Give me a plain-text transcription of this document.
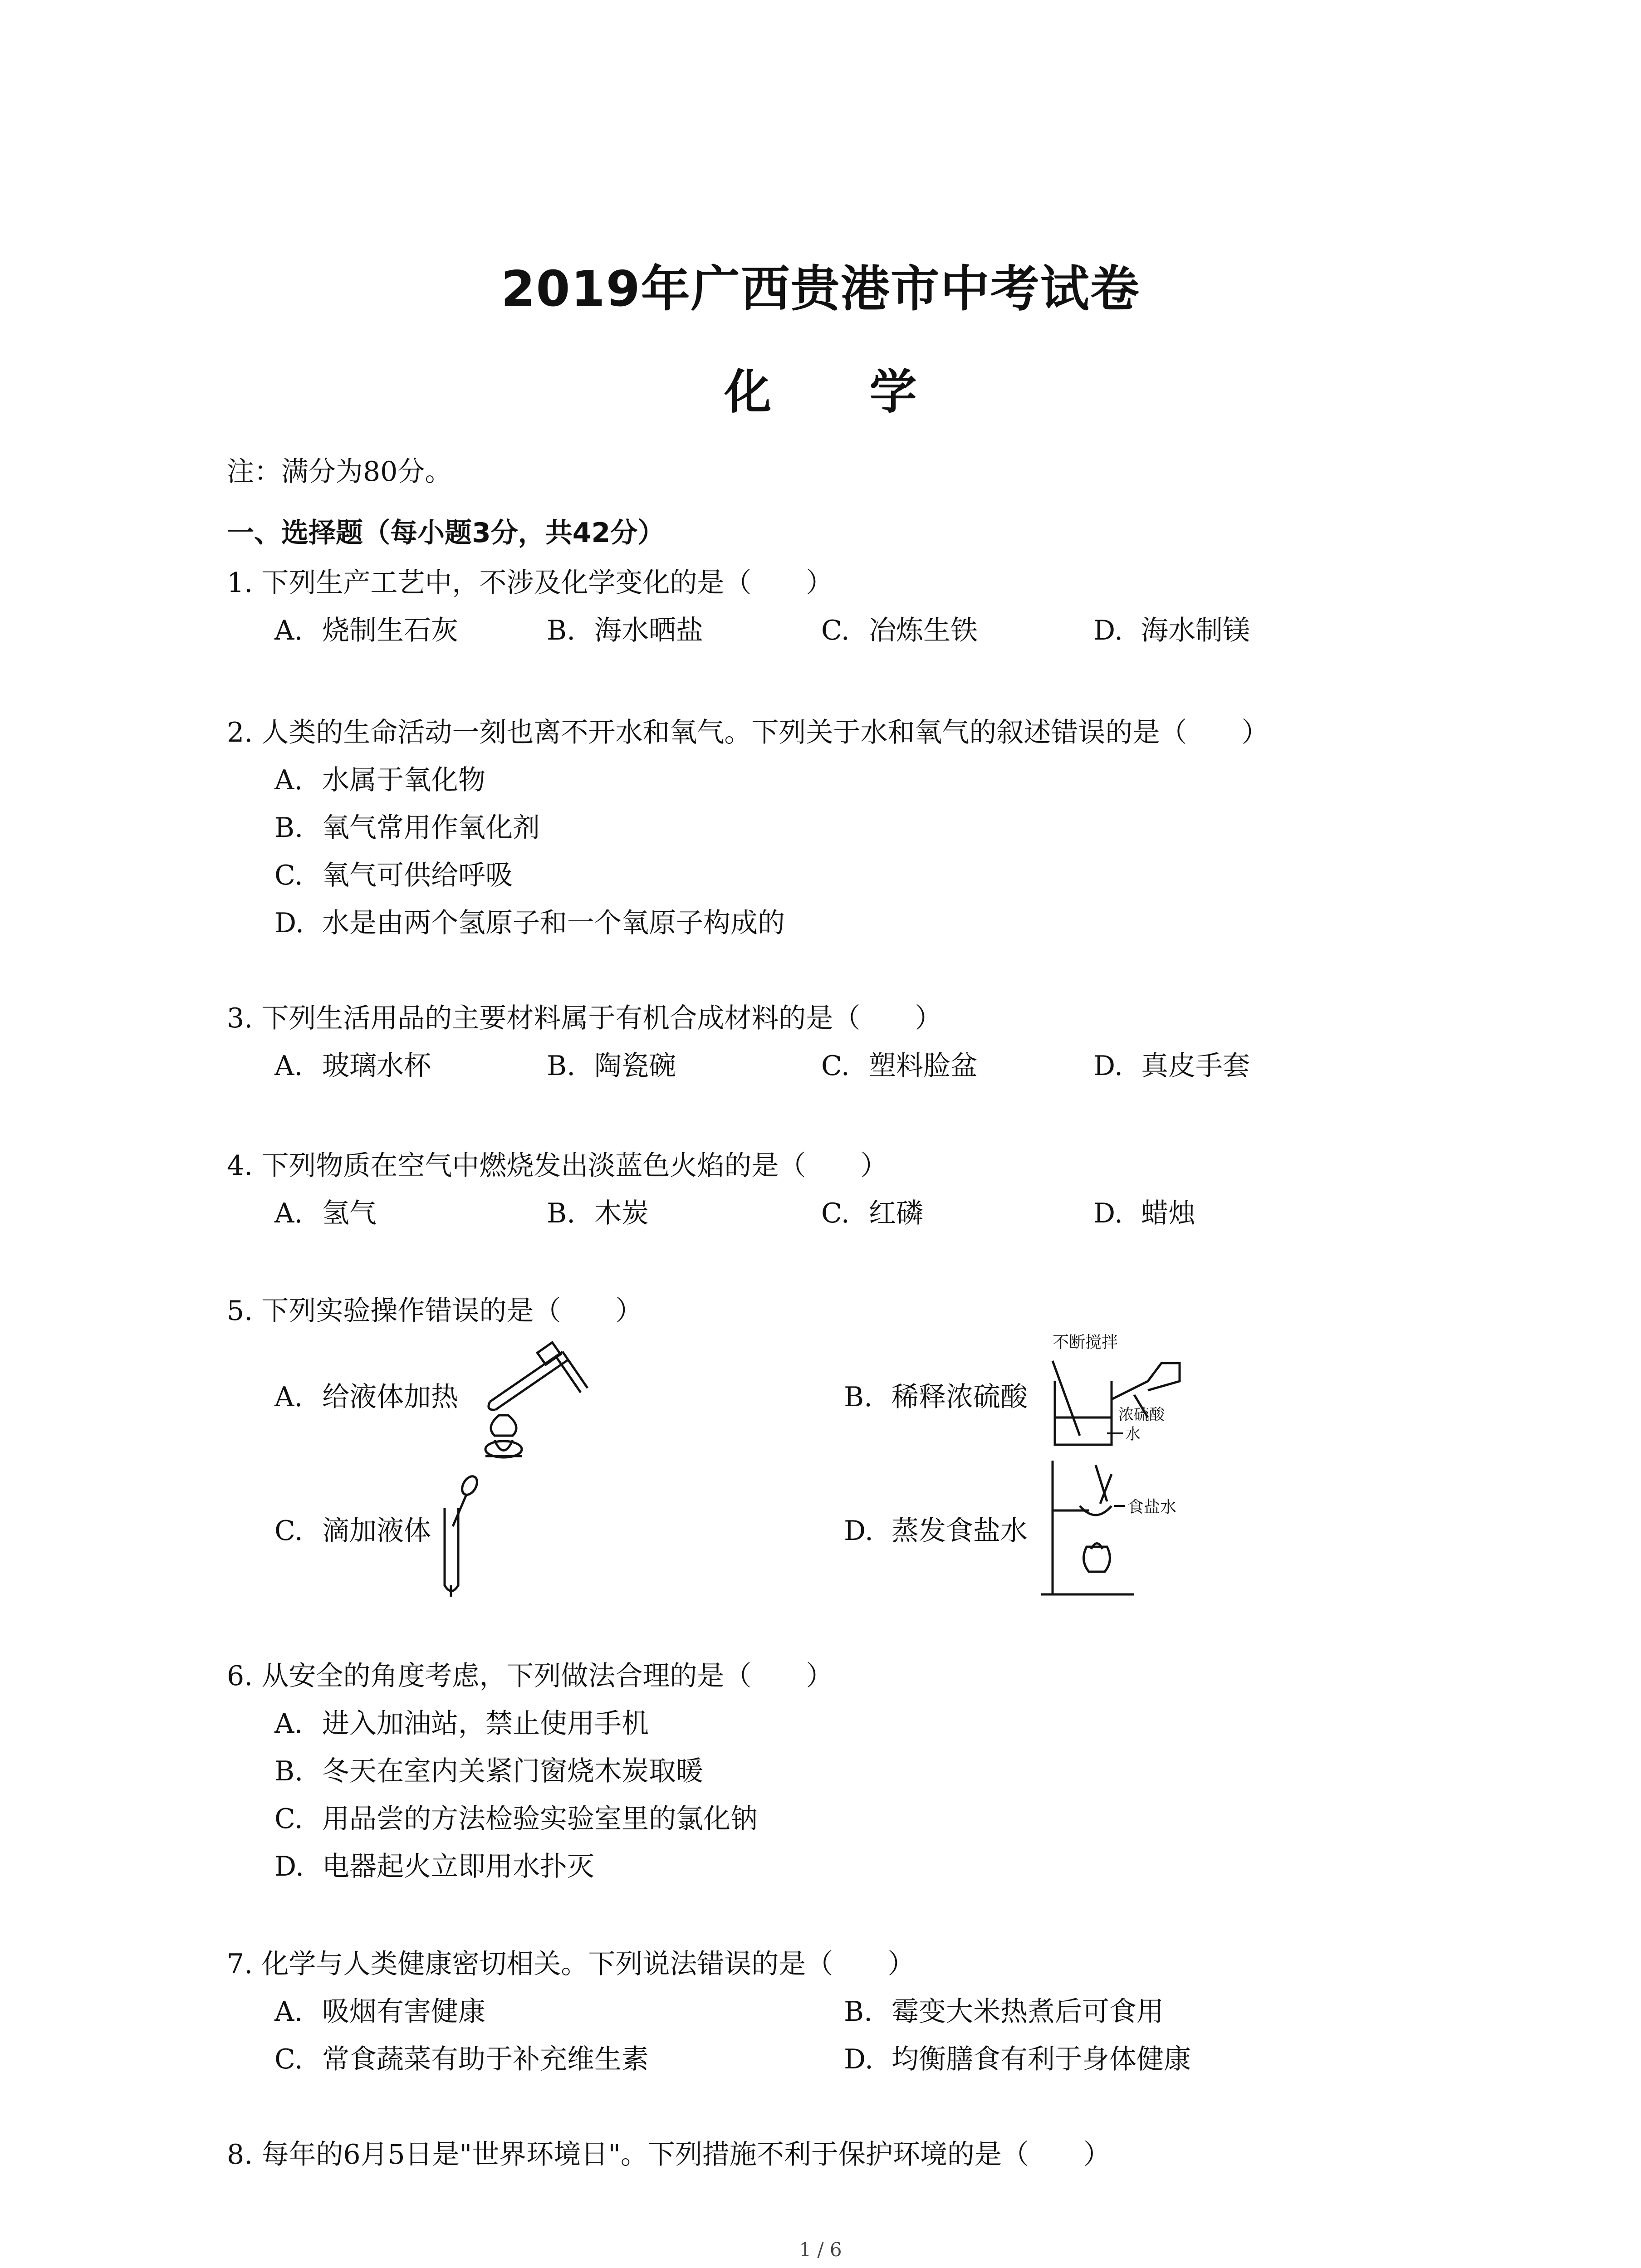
2019年广西贵港市中考试卷
化 学
注：满分为80分。
一、选择题（每小题3分，共42分）
1. 下列生产工艺中，不涉及化学变化的是（　　）
A. 烧制生石灰	B. 海水晒盐	C. 冶炼生铁	D. 海水制镁
2. 人类的生命活动一刻也离不开水和氧气。下列关于水和氧气的叙述错误的是（　　）
A. 水属于氧化物
B. 氧气常用作氧化剂
C. 氧气可供给呼吸
D. 水是由两个氢原子和一个氧原子构成的
3. 下列生活用品的主要材料属于有机合成材料的是（　　）
A. 玻璃水杯	B. 陶瓷碗	C. 塑料脸盆	D. 真皮手套
4. 下列物质在空气中燃烧发出淡蓝色火焰的是（　　）
A. 氢气	B. 木炭	C. 红磷	D. 蜡烛
5. 下列实验操作错误的是（　　）
A. 给液体加热	B. 稀释浓硫酸
C. 滴加液体	D. 蒸发食盐水
不断搅拌
浓硫酸
水
食盐水
6. 从安全的角度考虑，下列做法合理的是（　　）
A. 进入加油站，禁止使用手机
B. 冬天在室内关紧门窗烧木炭取暖
C. 用品尝的方法检验实验室里的氯化钠
D. 电器起火立即用水扑灭
7. 化学与人类健康密切相关。下列说法错误的是（　　）
A. 吸烟有害健康	B. 霉变大米热煮后可食用
C. 常食蔬菜有助于补充维生素	D. 均衡膳食有利于身体健康
8. 每年的6月5日是"世界环境日"。下列措施不利于保护环境的是（　　）
1 / 6
